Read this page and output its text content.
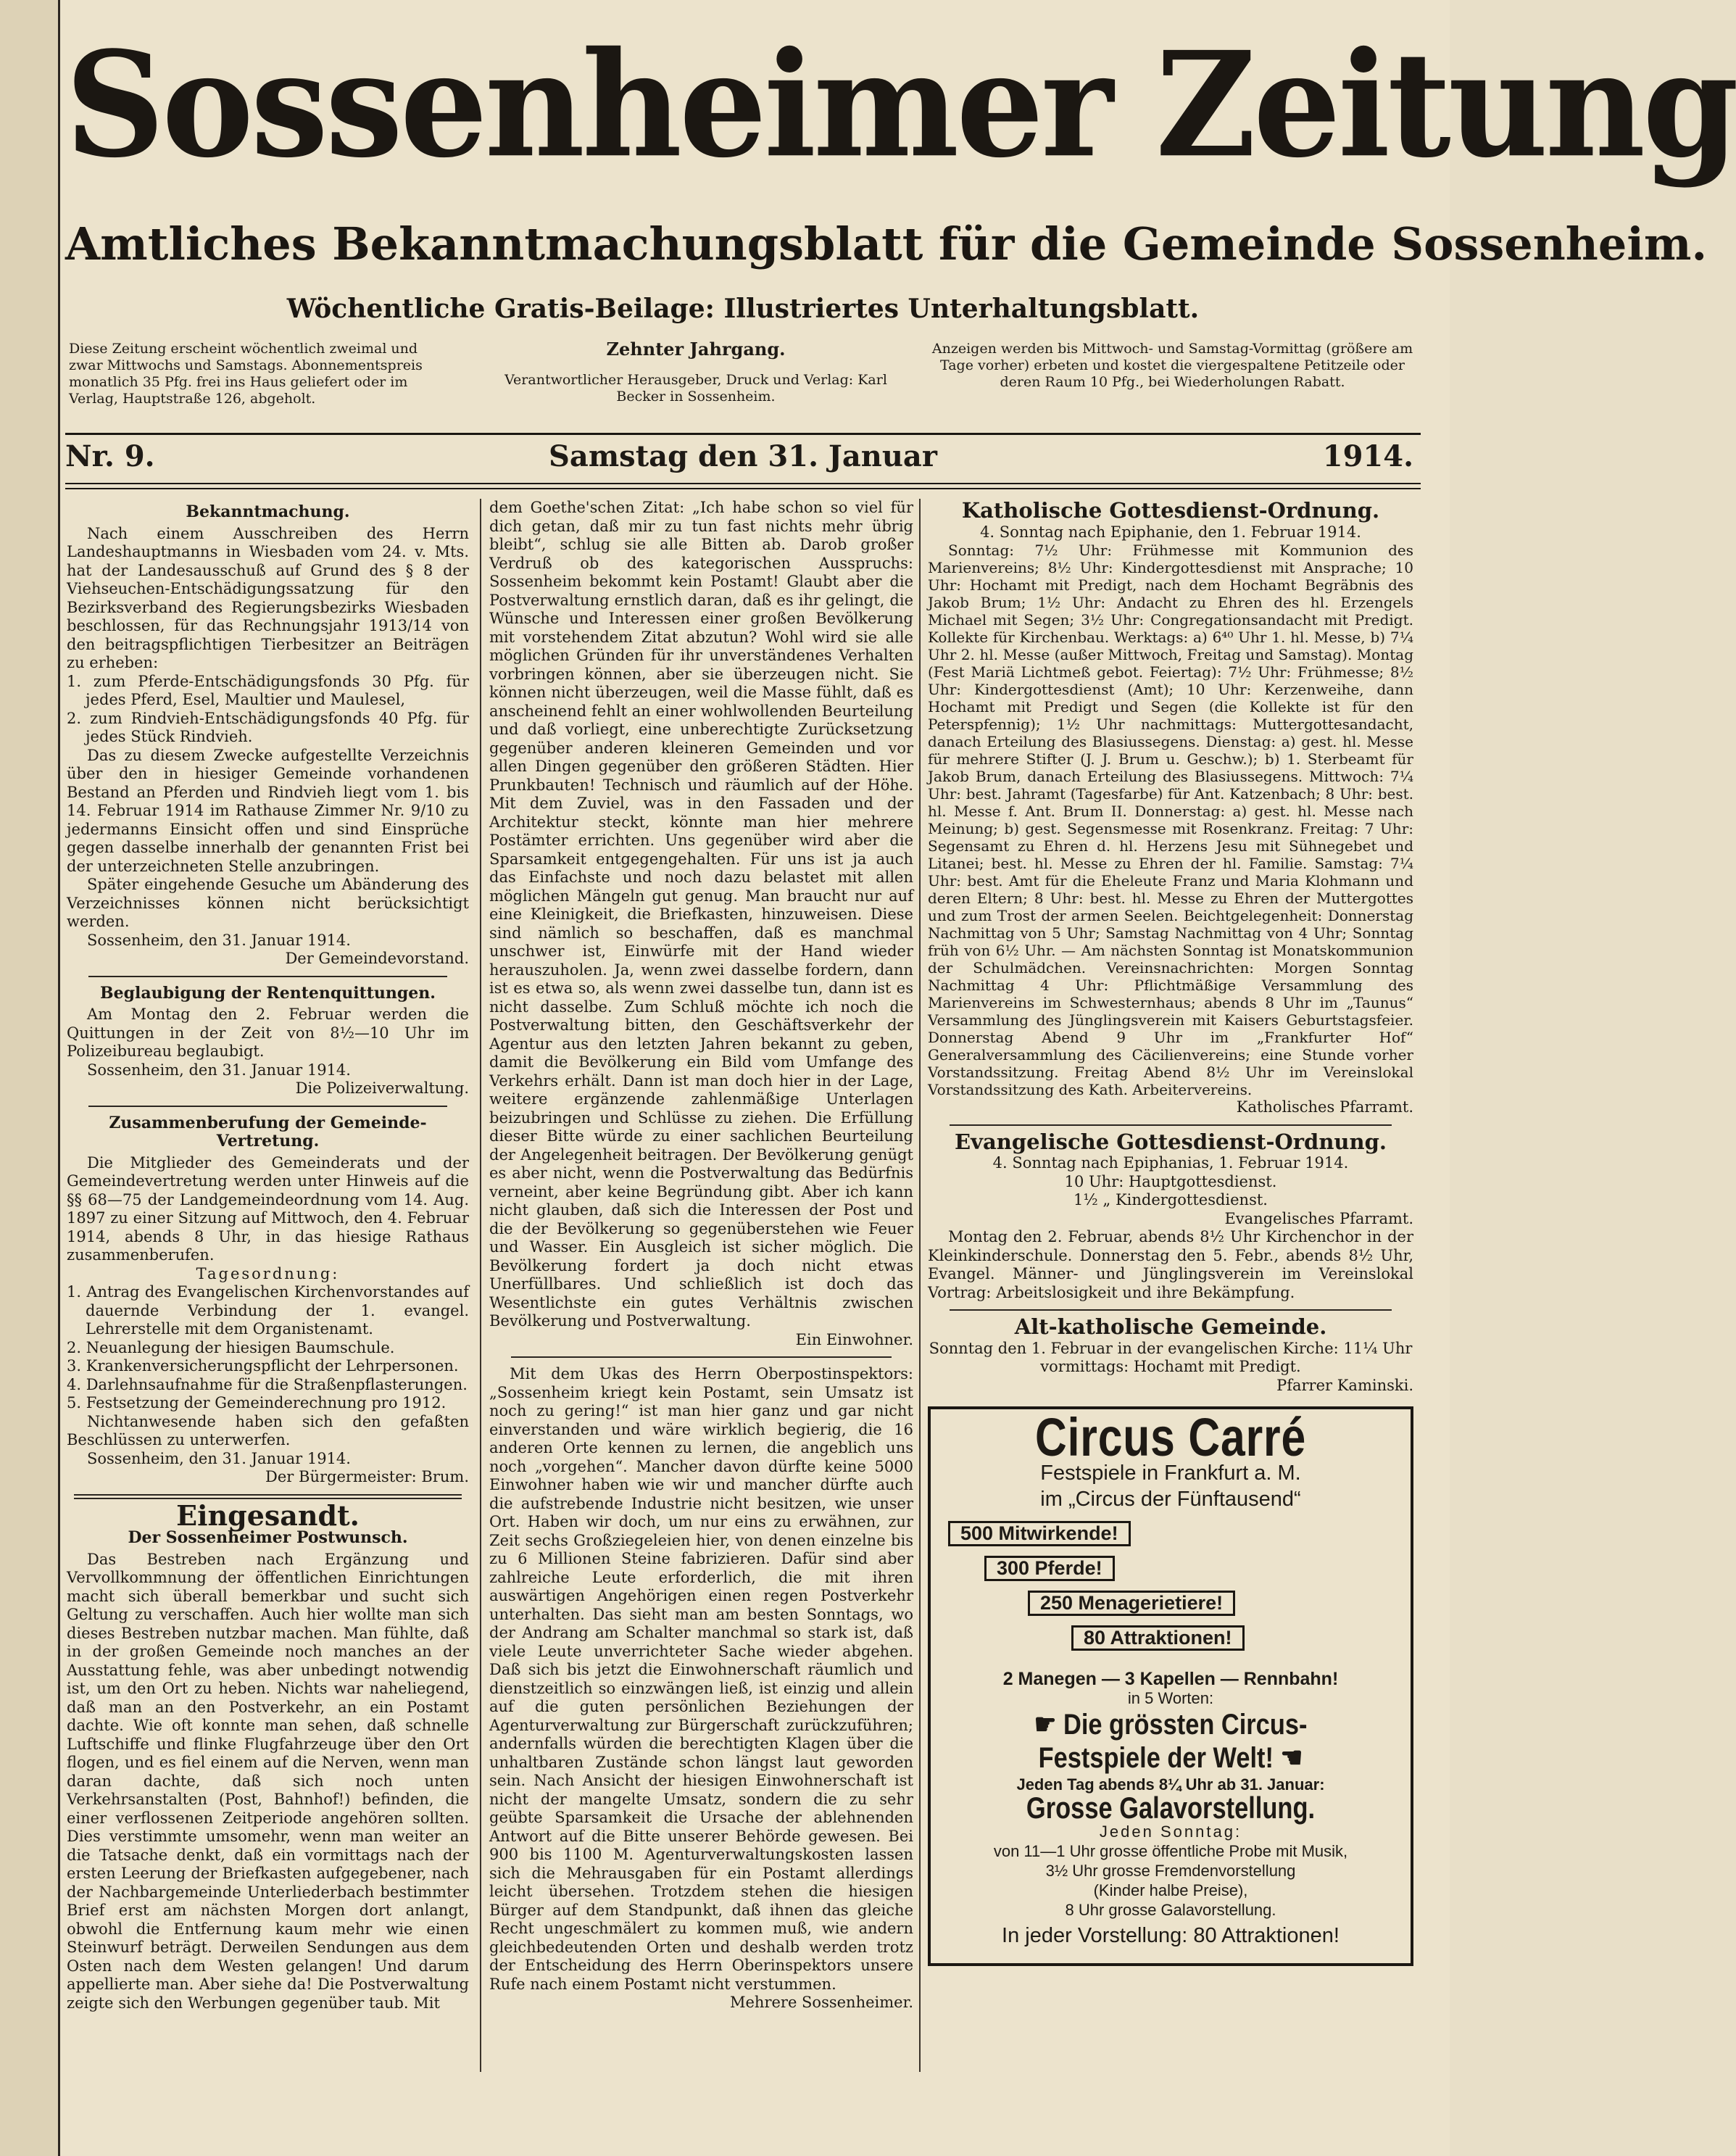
Sossenheimer Zeitung
Amtliches Bekanntmachungsblatt für die Gemeinde Sossenheim.
Wöchentliche Gratis-Beilage: Illustriertes Unterhaltungsblatt.
Diese Zeitung erscheint wöchentlich zweimal und zwar Mittwochs und Samstags. Abonnementspreis monatlich 35 Pfg. frei ins Haus geliefert oder im Verlag, Hauptstraße 126, abgeholt.
Zehnter Jahrgang.
Verantwortlicher Herausgeber, Druck und Verlag: Karl Becker in Sossenheim.
Anzeigen werden bis Mittwoch- und Samstag-Vormittag (größere am Tage vorher) erbeten und kostet die viergespaltene Petitzeile oder deren Raum 10 Pfg., bei Wiederholungen Rabatt.
Nr. 9.	Samstag den 31. Januar	1914.
Bekanntmachung.

Nach einem Ausschreiben des Herrn Landeshauptmanns in Wiesbaden vom 24. v. Mts. hat der Landesausschuß auf Grund des § 8 der Viehseuchen-Entschädigungssatzung für den Bezirksverband des Regierungsbezirks Wiesbaden beschlossen, für das Rechnungsjahr 1913/14 von den beitragspflichtigen Tierbesitzer an Beiträgen zu erheben:

1. zum Pferde-Entschädigungsfonds 30 Pfg. für jedes Pferd, Esel, Maultier und Maulesel,

2. zum Rindvieh-Entschädigungsfonds 40 Pfg. für jedes Stück Rindvieh.

Das zu diesem Zwecke aufgestellte Verzeichnis über den in hiesiger Gemeinde vorhandenen Bestand an Pferden und Rindvieh liegt vom 1. bis 14. Februar 1914 im Rathause Zimmer Nr. 9/10 zu jedermanns Einsicht offen und sind Einsprüche gegen dasselbe innerhalb der genannten Frist bei der unterzeichneten Stelle anzubringen.

Später eingehende Gesuche um Abänderung des Verzeichnisses können nicht berücksichtigt werden.

Sossenheim, den 31. Januar 1914.

Der Gemeindevorstand.

Beglaubigung der Rentenquittungen.

Am Montag den 2. Februar werden die Quittungen in der Zeit von 8½—10 Uhr im Polizeibureau beglaubigt.

Sossenheim, den 31. Januar 1914.

Die Polizeiverwaltung.

Zusammenberufung der Gemeinde-Vertretung.

Die Mitglieder des Gemeinderats und der Gemeindevertretung werden unter Hinweis auf die §§ 68—75 der Landgemeindeordnung vom 14. Aug. 1897 zu einer Sitzung auf Mittwoch, den 4. Februar 1914, abends 8 Uhr, in das hiesige Rathaus zusammenberufen.

Tagesordnung:

1. Antrag des Evangelischen Kirchenvorstandes auf dauernde Verbindung der 1. evangel. Lehrerstelle mit dem Organistenamt.

2. Neuanlegung der hiesigen Baumschule.

3. Krankenversicherungspflicht der Lehrpersonen.

4. Darlehnsaufnahme für die Straßenpflasterungen.

5. Festsetzung der Gemeinderechnung pro 1912.

Nichtanwesende haben sich den gefaßten Beschlüssen zu unterwerfen.

Sossenheim, den 31. Januar 1914.

Der Bürgermeister: Brum.

Eingesandt.
Der Sossenheimer Postwunsch.

Das Bestreben nach Ergänzung und Vervollkommnung der öffentlichen Einrichtungen macht sich überall bemerkbar und sucht sich Geltung zu verschaffen. Auch hier wollte man sich dieses Bestreben nutzbar machen. Man fühlte, daß in der großen Gemeinde noch manches an der Ausstattung fehle, was aber unbedingt notwendig ist, um den Ort zu heben. Nichts war naheliegend, daß man an den Postverkehr, an ein Postamt dachte. Wie oft konnte man sehen, daß schnelle Luftschiffe und flinke Flugfahrzeuge über den Ort flogen, und es fiel einem auf die Nerven, wenn man daran dachte, daß sich noch unten Verkehrsanstalten (Post, Bahnhof!) befinden, die einer verflossenen Zeitperiode angehören sollten. Dies verstimmte umsomehr, wenn man weiter an die Tatsache denkt, daß ein vormittags nach der ersten Leerung der Briefkasten aufgegebener, nach der Nachbargemeinde Unterliederbach bestimmter Brief erst am nächsten Morgen dort anlangt, obwohl die Entfernung kaum mehr wie einen Steinwurf beträgt. Derweilen Sendungen aus dem Osten nach dem Westen gelangen! Und darum appellierte man. Aber siehe da! Die Postverwaltung zeigte sich den Werbungen gegenüber taub. Mit

dem Goethe'schen Zitat: „Ich habe schon so viel für dich getan, daß mir zu tun fast nichts mehr übrig bleibt“, schlug sie alle Bitten ab. Darob großer Verdruß ob des kategorischen Ausspruchs: Sossenheim bekommt kein Postamt! Glaubt aber die Postverwaltung ernstlich daran, daß es ihr gelingt, die Wünsche und Interessen einer großen Bevölkerung mit vorstehendem Zitat abzutun? Wohl wird sie alle möglichen Gründen für ihr unverständenes Verhalten vorbringen können, aber sie überzeugen nicht. Sie können nicht überzeugen, weil die Masse fühlt, daß es anscheinend fehlt an einer wohlwollenden Beurteilung und daß vorliegt, eine unberechtigte Zurücksetzung gegenüber anderen kleineren Gemeinden und vor allen Dingen gegenüber den größeren Städten. Hier Prunkbauten! Technisch und räumlich auf der Höhe. Mit dem Zuviel, was in den Fassaden und der Architektur steckt, könnte man hier mehrere Postämter errichten. Uns gegenüber wird aber die Sparsamkeit entgegengehalten. Für uns ist ja auch das Einfachste und noch dazu belastet mit allen möglichen Mängeln gut genug. Man braucht nur auf eine Kleinigkeit, die Briefkasten, hinzuweisen. Diese sind nämlich so beschaffen, daß es manchmal unschwer ist, Einwürfe mit der Hand wieder herauszuholen. Ja, wenn zwei dasselbe fordern, dann ist es etwa so, als wenn zwei dasselbe tun, dann ist es nicht dasselbe. Zum Schluß möchte ich noch die Postverwaltung bitten, den Geschäftsverkehr der Agentur aus den letzten Jahren bekannt zu geben, damit die Bevölkerung ein Bild vom Umfange des Verkehrs erhält. Dann ist man doch hier in der Lage, weitere ergänzende zahlenmäßige Unterlagen beizubringen und Schlüsse zu ziehen. Die Erfüllung dieser Bitte würde zu einer sachlichen Beurteilung der Angelegenheit beitragen. Der Bevölkerung genügt es aber nicht, wenn die Postverwaltung das Bedürfnis verneint, aber keine Begründung gibt. Aber ich kann nicht glauben, daß sich die Interessen der Post und die der Bevölkerung so gegenüberstehen wie Feuer und Wasser. Ein Ausgleich ist sicher möglich. Die Bevölkerung fordert ja doch nicht etwas Unerfüllbares. Und schließlich ist doch das Wesentlichste ein gutes Verhältnis zwischen Bevölkerung und Postverwaltung.

Ein Einwohner.

Mit dem Ukas des Herrn Oberpostinspektors: „Sossenheim kriegt kein Postamt, sein Umsatz ist noch zu gering!“ ist man hier ganz und gar nicht einverstanden und wäre wirklich begierig, die 16 anderen Orte kennen zu lernen, die angeblich uns noch „vorgehen“. Mancher davon dürfte keine 5000 Einwohner haben wie wir und mancher dürfte auch die aufstrebende Industrie nicht besitzen, wie unser Ort. Haben wir doch, um nur eins zu erwähnen, zur Zeit sechs Großziegeleien hier, von denen einzelne bis zu 6 Millionen Steine fabrizieren. Dafür sind aber zahlreiche Leute erforderlich, die mit ihren auswärtigen Angehörigen einen regen Postverkehr unterhalten. Das sieht man am besten Sonntags, wo der Andrang am Schalter manchmal so stark ist, daß viele Leute unverrichteter Sache wieder abgehen. Daß sich bis jetzt die Einwohnerschaft räumlich und dienstzeitlich so einzwängen ließ, ist einzig und allein auf die guten persönlichen Beziehungen der Agenturverwaltung zur Bürgerschaft zurückzuführen; andernfalls würden die berechtigten Klagen über die unhaltbaren Zustände schon längst laut geworden sein. Nach Ansicht der hiesigen Einwohnerschaft ist nicht der mangelte Umsatz, sondern die zu sehr geübte Sparsamkeit die Ursache der ablehnenden Antwort auf die Bitte unserer Behörde gewesen. Bei 900 bis 1100 M. Agenturverwaltungskosten lassen sich die Mehrausgaben für ein Postamt allerdings leicht übersehen. Trotzdem stehen die hiesigen Bürger auf dem Standpunkt, daß ihnen das gleiche Recht ungeschmälert zu kommen muß, wie andern gleichbedeutenden Orten und deshalb werden trotz der Entscheidung des Herrn Oberinspektors unsere Rufe nach einem Postamt nicht verstummen.

Mehrere Sossenheimer.

Katholische Gottesdienst-Ordnung.

4. Sonntag nach Epiphanie, den 1. Februar 1914.

Sonntag: 7½ Uhr: Frühmesse mit Kommunion des Marienvereins; 8½ Uhr: Kindergottesdienst mit Ansprache; 10 Uhr: Hochamt mit Predigt, nach dem Hochamt Begräbnis des Jakob Brum; 1½ Uhr: Andacht zu Ehren des hl. Erzengels Michael mit Segen; 3½ Uhr: Congregationsandacht mit Predigt. Kollekte für Kirchenbau. Werktags: a) 6⁴⁰ Uhr 1. hl. Messe, b) 7¼ Uhr 2. hl. Messe (außer Mittwoch, Freitag und Samstag). Montag (Fest Mariä Lichtmeß gebot. Feiertag): 7½ Uhr: Frühmesse; 8½ Uhr: Kindergottesdienst (Amt); 10 Uhr: Kerzenweihe, dann Hochamt mit Predigt und Segen (die Kollekte ist für den Peterspfennig); 1½ Uhr nachmittags: Muttergottesandacht, danach Erteilung des Blasiussegens. Dienstag: a) gest. hl. Messe für mehrere Stifter (J. J. Brum u. Geschw.); b) 1. Sterbeamt für Jakob Brum, danach Erteilung des Blasiussegens. Mittwoch: 7¼ Uhr: best. Jahramt (Tagesfarbe) für Ant. Katzenbach; 8 Uhr: best. hl. Messe f. Ant. Brum II. Donnerstag: a) gest. hl. Messe nach Meinung; b) gest. Segensmesse mit Rosenkranz. Freitag: 7 Uhr: Segensamt zu Ehren d. hl. Herzens Jesu mit Sühnegebet und Litanei; best. hl. Messe zu Ehren der hl. Familie. Samstag: 7¼ Uhr: best. Amt für die Eheleute Franz und Maria Klohmann und deren Eltern; 8 Uhr: best. hl. Messe zu Ehren der Muttergottes und zum Trost der armen Seelen. Beichtgelegenheit: Donnerstag Nachmittag von 5 Uhr; Samstag Nachmittag von 4 Uhr; Sonntag früh von 6½ Uhr. — Am nächsten Sonntag ist Monatskommunion der Schulmädchen. Vereinsnachrichten: Morgen Sonntag Nachmittag 4 Uhr: Pflichtmäßige Versammlung des Marienvereins im Schwesternhaus; abends 8 Uhr im „Taunus“ Versammlung des Jünglingsverein mit Kaisers Geburtstagsfeier. Donnerstag Abend 9 Uhr im „Frankfurter Hof“ Generalversammlung des Cäcilienvereins; eine Stunde vorher Vorstandssitzung. Freitag Abend 8½ Uhr im Vereinslokal Vorstandssitzung des Kath. Arbeitervereins.

Katholisches Pfarramt.

Evangelische Gottesdienst-Ordnung.

4. Sonntag nach Epiphanias, 1. Februar 1914.

10 Uhr: Hauptgottesdienst.

1½ „ Kindergottesdienst.

Evangelisches Pfarramt.

Montag den 2. Februar, abends 8½ Uhr Kirchenchor in der Kleinkinderschule. Donnerstag den 5. Febr., abends 8½ Uhr, Evangel. Männer- und Jünglingsverein im Vereinslokal Vortrag: Arbeitslosigkeit und ihre Bekämpfung.

Alt-katholische Gemeinde.

Sonntag den 1. Februar in der evangelischen Kirche: 11¼ Uhr vormittags: Hochamt mit Predigt.

Pfarrer Kaminski.

Circus Carré
Festspiele in Frankfurt a. M.
im „Circus der Fünftausend“
500 Mitwirkende!
300 Pferde!
250 Menagerietiere!
80 Attraktionen!
2 Manegen — 3 Kapellen — Rennbahn!
in 5 Worten:
☛ Die grössten Circus-
Festspiele der Welt! ☚
Jeden Tag abends 8¼ Uhr ab 31. Januar:
Grosse Galavorstellung.
Jeden Sonntag:
von 11—1 Uhr grosse öffentliche Probe mit Musik,
3½ Uhr grosse Fremdenvorstellung
(Kinder halbe Preise),
8 Uhr grosse Galavorstellung.
In jeder Vorstellung: 80 Attraktionen!
